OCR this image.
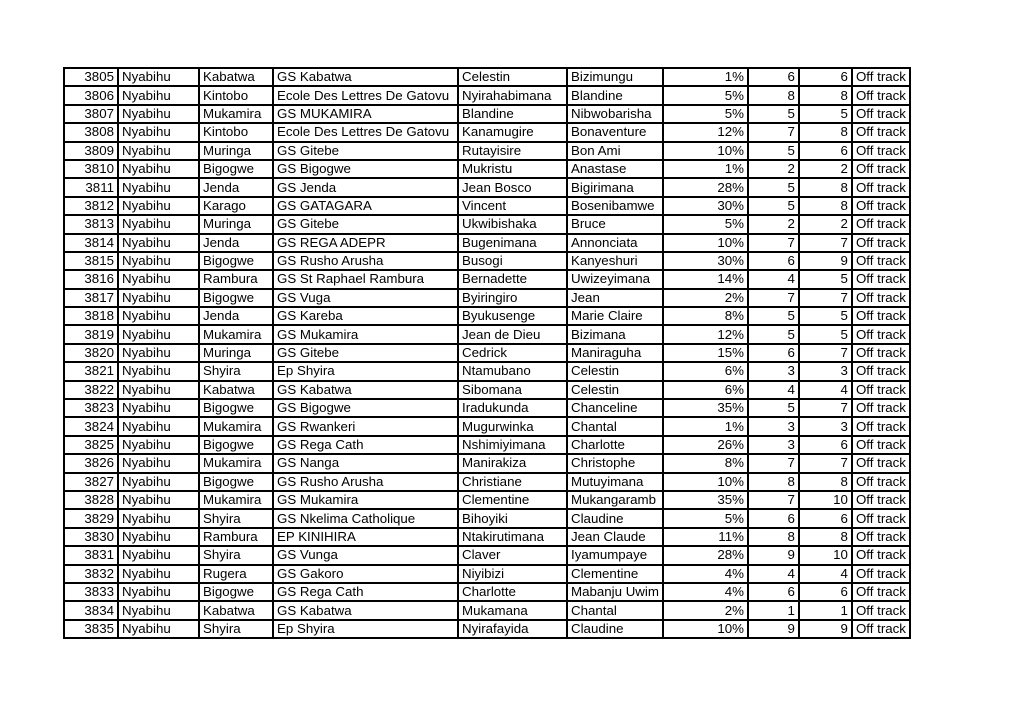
3805	Nyabihu	Kabatwa	GS Kabatwa	Celestin	Bizimungu	1%	6	6	Off track
3806	Nyabihu	Kintobo	Ecole Des Lettres De Gatovu	Nyirahabimana	Blandine	5%	8	8	Off track
3807	Nyabihu	Mukamira	GS MUKAMIRA	Blandine	Nibwobarisha	5%	5	5	Off track
3808	Nyabihu	Kintobo	Ecole Des Lettres De Gatovu	Kanamugire	Bonaventure	12%	7	8	Off track
3809	Nyabihu	Muringa	GS Gitebe	Rutayisire	Bon Ami	10%	5	6	Off track
3810	Nyabihu	Bigogwe	GS Bigogwe	Mukristu	Anastase	1%	2	2	Off track
3811	Nyabihu	Jenda	GS Jenda	Jean Bosco	Bigirimana	28%	5	8	Off track
3812	Nyabihu	Karago	GS GATAGARA	Vincent	Bosenibamwe	30%	5	8	Off track
3813	Nyabihu	Muringa	GS Gitebe	Ukwibishaka	Bruce	5%	2	2	Off track
3814	Nyabihu	Jenda	GS REGA ADEPR	Bugenimana	Annonciata	10%	7	7	Off track
3815	Nyabihu	Bigogwe	GS Rusho Arusha	Busogi	Kanyeshuri	30%	6	9	Off track
3816	Nyabihu	Rambura	GS St Raphael Rambura	Bernadette	Uwizeyimana	14%	4	5	Off track
3817	Nyabihu	Bigogwe	GS Vuga	Byiringiro	Jean	2%	7	7	Off track
3818	Nyabihu	Jenda	GS Kareba	Byukusenge	Marie Claire	8%	5	5	Off track
3819	Nyabihu	Mukamira	GS Mukamira	Jean de Dieu	Bizimana	12%	5	5	Off track
3820	Nyabihu	Muringa	GS Gitebe	Cedrick	Maniraguha	15%	6	7	Off track
3821	Nyabihu	Shyira	Ep Shyira	Ntamubano	Celestin	6%	3	3	Off track
3822	Nyabihu	Kabatwa	GS Kabatwa	Sibomana	Celestin	6%	4	4	Off track
3823	Nyabihu	Bigogwe	GS Bigogwe	Iradukunda	Chanceline	35%	5	7	Off track
3824	Nyabihu	Mukamira	GS Rwankeri	Mugurwinka	Chantal	1%	3	3	Off track
3825	Nyabihu	Bigogwe	GS Rega Cath	Nshimiyimana	Charlotte	26%	3	6	Off track
3826	Nyabihu	Mukamira	GS Nanga	Manirakiza	Christophe	8%	7	7	Off track
3827	Nyabihu	Bigogwe	GS Rusho Arusha	Christiane	Mutuyimana	10%	8	8	Off track
3828	Nyabihu	Mukamira	GS Mukamira	Clementine	Mukangaramb	35%	7	10	Off track
3829	Nyabihu	Shyira	GS Nkelima Catholique	Bihoyiki	Claudine	5%	6	6	Off track
3830	Nyabihu	Rambura	EP KINIHIRA	Ntakirutimana	Jean Claude	11%	8	8	Off track
3831	Nyabihu	Shyira	GS Vunga	Claver	Iyamumpaye	28%	9	10	Off track
3832	Nyabihu	Rugera	GS Gakoro	Niyibizi	Clementine	4%	4	4	Off track
3833	Nyabihu	Bigogwe	GS Rega Cath	Charlotte	Mabanju Uwim	4%	6	6	Off track
3834	Nyabihu	Kabatwa	GS Kabatwa	Mukamana	Chantal	2%	1	1	Off track
3835	Nyabihu	Shyira	Ep Shyira	Nyirafayida	Claudine	10%	9	9	Off track
